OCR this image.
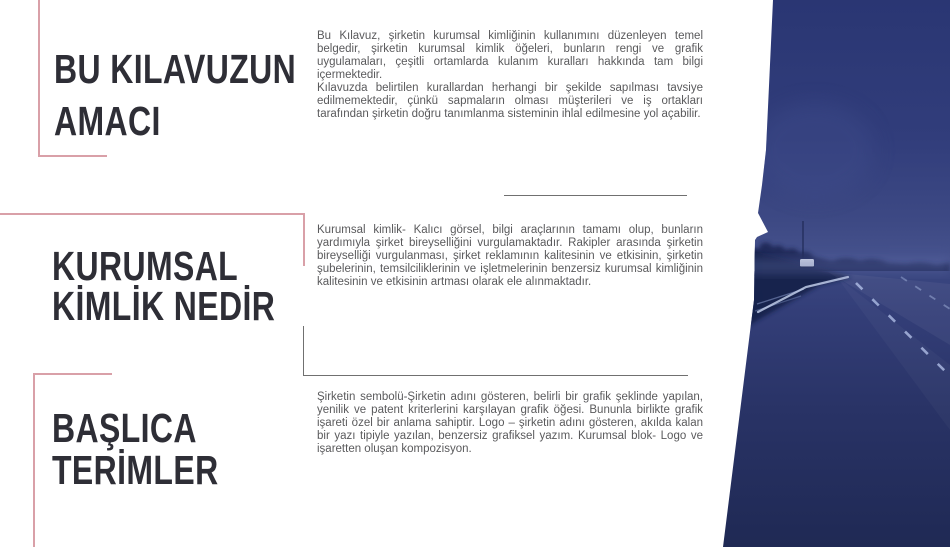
BU KILAVUZUN
AMACI

Bu Kılavuz, şirketin kurumsal kimliğinin kullanımını düzenleyen temel belgedir, şirketin kurumsal kimlik öğeleri, bunların rengi ve grafik uygulamaları, çeşitli ortamlarda kulanım kuralları hakkında tam bilgi içermektedir.

Kılavuzda belirtilen kurallardan herhangi bir şekilde sapılması tavsiye edilmemektedir, çünkü sapmaların olması müşterileri ve iş ortakları tarafından şirketin doğru tanımlanma sisteminin ihlal edilmesine yol açabilir.

KURUMSAL
KİMLİK NEDİR

Kurumsal kimlik- Kalıcı görsel, bilgi araçlarının tamamı olup, bunların yardımıyla şirket bireyselliğini vurgulamaktadır. Rakipler arasında şirketin bireyselliği vurgulanması, şirket reklamının kalitesinin ve etkisinin, şirketin şubelerinin, temsilciliklerinin ve işletmelerinin benzersiz kurumsal kimliğinin kalitesinin ve etkisinin artması olarak ele alınmaktadır.

BAŞLICA
TERİMLER

Şirketin sembolü-Şirketin adını gösteren, belirli bir grafik şeklinde yapılan, yenilik ve patent kriterlerini karşılayan grafik öğesi. Bununla birlikte grafik işareti özel bir anlama sahiptir. Logo – şirketin adını gösteren, akılda kalan bir yazı tipiyle yazılan, benzersiz grafiksel yazım. Kurumsal blok- Logo ve işaretten oluşan kompozisyon.
